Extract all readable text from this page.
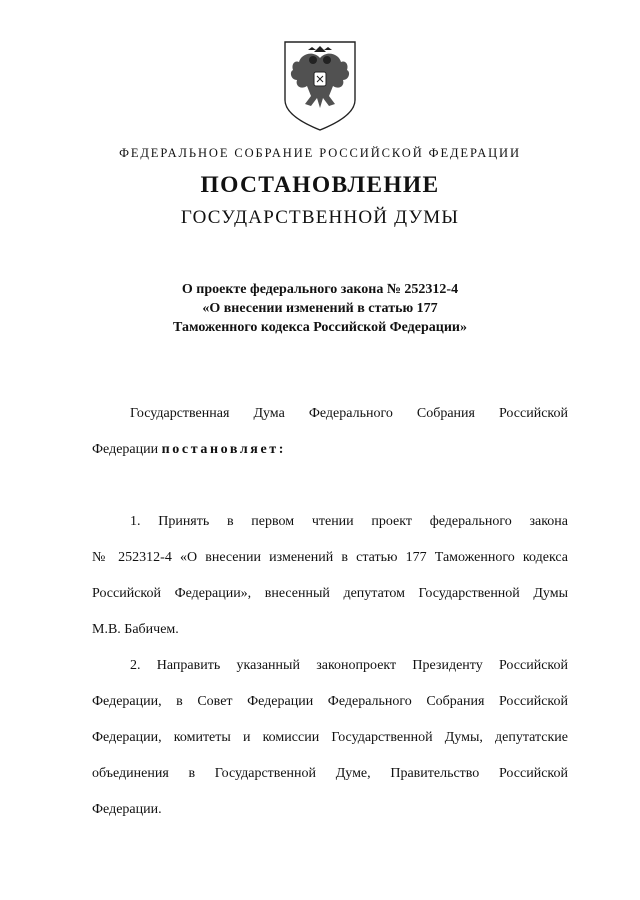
ФЕДЕРАЛЬНОЕ СОБРАНИЕ РОССИЙСКОЙ ФЕДЕРАЦИИ
ПОСТАНОВЛЕНИЕ
ГОСУДАРСТВЕННОЙ ДУМЫ
О проекте федерального закона № 252312-4
«О внесении изменений в статью 177
Таможенного кодекса Российской Федерации»
Государственная Дума Федерального Собрания Российской
Федерации постановляет:
1. Принять в первом чтении проект федерального закона
№ 252312-4 «О внесении изменений в статью 177 Таможенного кодекса
Российской Федерации», внесенный депутатом Государственной Думы
М.В. Бабичем.
2. Направить указанный законопроект Президенту Российской
Федерации, в Совет Федерации Федерального Собрания Российской
Федерации, комитеты и комиссии Государственной Думы, депутатские
объединения в Государственной Думе, Правительство Российской
Федерации.
